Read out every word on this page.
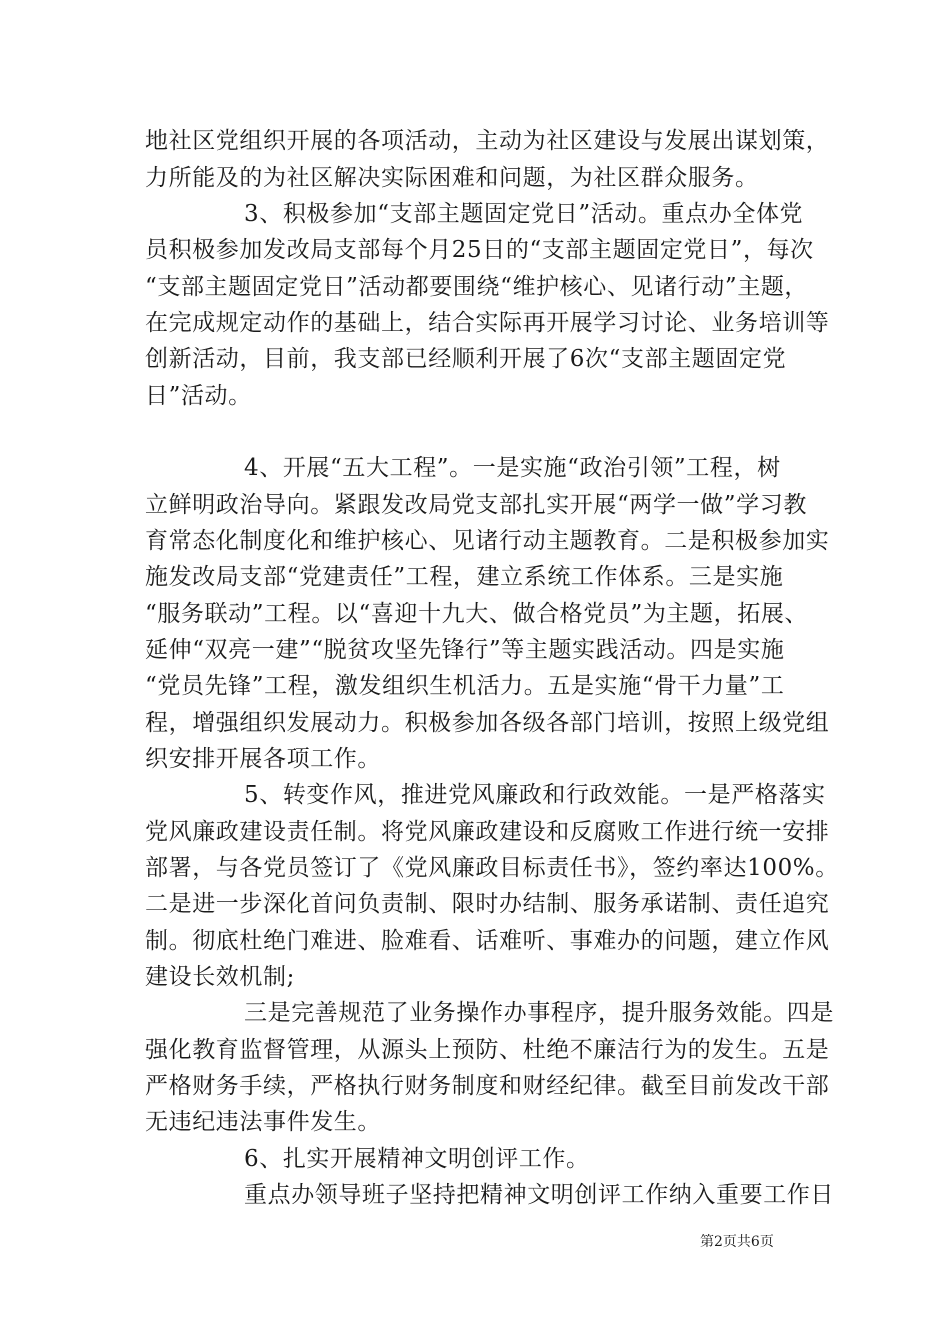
地社区党组织开展的各项活动，主动为社区建设与发展出谋划策，
力所能及的为社区解决实际困难和问题，为社区群众服务。
3、积极参加“支部主题固定党日”活动。重点办全体党
员积极参加发改局支部每个月25日的“支部主题固定党日”，每次
“支部主题固定党日”活动都要围绕“维护核心、见诸行动”主题，
在完成规定动作的基础上，结合实际再开展学习讨论、业务培训等
创新活动，目前，我支部已经顺利开展了6次“支部主题固定党
日”活动。
4、开展“五大工程”。一是实施“政治引领”工程，树
立鲜明政治导向。紧跟发改局党支部扎实开展“两学一做”学习教
育常态化制度化和维护核心、见诸行动主题教育。二是积极参加实
施发改局支部“党建责任”工程，建立系统工作体系。三是实施
“服务联动”工程。以“喜迎十九大、做合格党员”为主题，拓展、
延伸“双亮一建”“脱贫攻坚先锋行”等主题实践活动。四是实施
“党员先锋”工程，激发组织生机活力。五是实施“骨干力量”工
程，增强组织发展动力。积极参加各级各部门培训，按照上级党组
织安排开展各项工作。
5、转变作风，推进党风廉政和行政效能。一是严格落实
党风廉政建设责任制。将党风廉政建设和反腐败工作进行统一安排
部署，与各党员签订了《党风廉政目标责任书》，签约率达100%。
二是进一步深化首问负责制、限时办结制、服务承诺制、责任追究
制。彻底杜绝门难进、脸难看、话难听、事难办的问题，建立作风
建设长效机制;
三是完善规范了业务操作办事程序，提升服务效能。四是
强化教育监督管理，从源头上预防、杜绝不廉洁行为的发生。五是
严格财务手续，严格执行财务制度和财经纪律。截至目前发改干部
无违纪违法事件发生。
6、扎实开展精神文明创评工作。
重点办领导班子坚持把精神文明创评工作纳入重要工作日
第2页共6页
